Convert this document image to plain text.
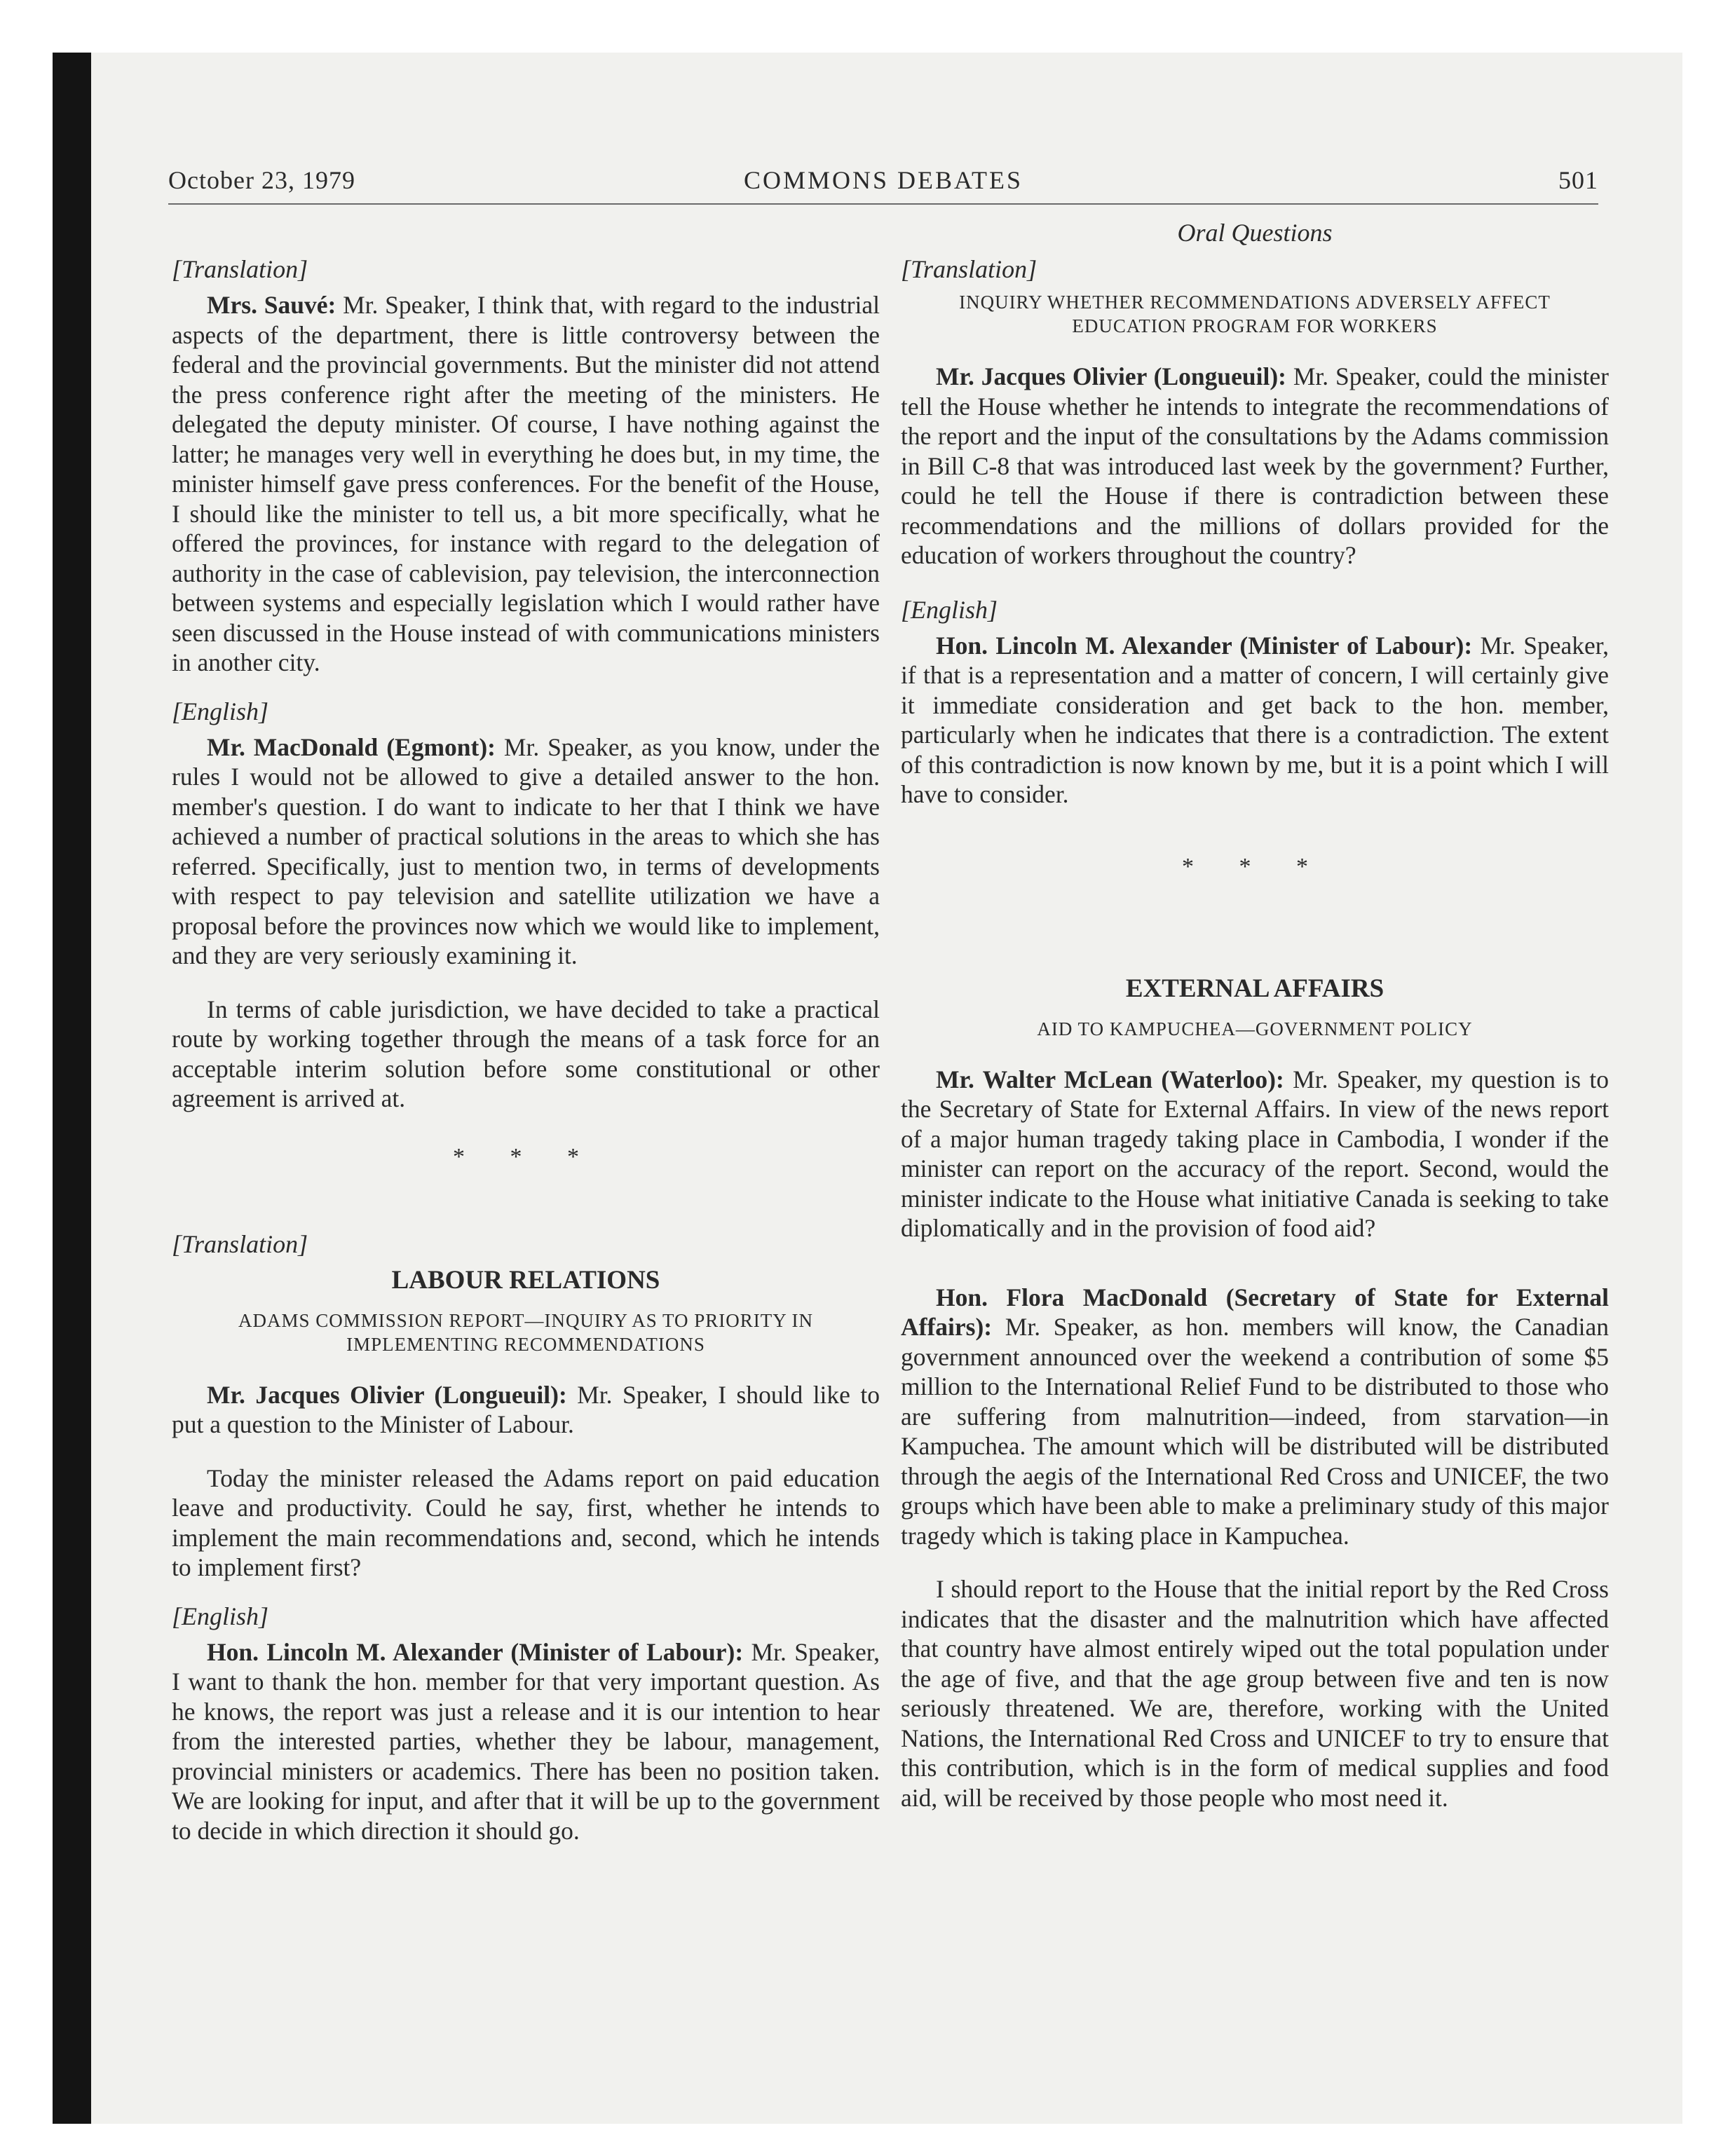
October 23, 1979	COMMONS DEBATES	501
[Translation]

Mrs. Sauvé: Mr. Speaker, I think that, with regard to the industrial aspects of the department, there is little controversy between the federal and the provincial governments. But the minister did not attend the press conference right after the meeting of the ministers. He delegated the deputy minister. Of course, I have nothing against the latter; he manages very well in everything he does but, in my time, the minister himself gave press conferences. For the benefit of the House, I should like the minister to tell us, a bit more specifically, what he offered the provinces, for instance with regard to the delegation of authority in the case of cablevision, pay television, the interconnection between systems and especially legislation which I would rather have seen discussed in the House instead of with communications ministers in another city.

[English]

Mr. MacDonald (Egmont): Mr. Speaker, as you know, under the rules I would not be allowed to give a detailed answer to the hon. member's question. I do want to indicate to her that I think we have achieved a number of practical solutions in the areas to which she has referred. Specifically, just to mention two, in terms of developments with respect to pay television and satellite utilization we have a proposal before the provinces now which we would like to implement, and they are very seriously examining it.

In terms of cable jurisdiction, we have decided to take a practical route by working together through the means of a task force for an acceptable interim solution before some constitutional or other agreement is arrived at.

* * *
[Translation]
LABOUR RELATIONS
ADAMS COMMISSION REPORT—INQUIRY AS TO PRIORITY IN IMPLEMENTING RECOMMENDATIONS

Mr. Jacques Olivier (Longueuil): Mr. Speaker, I should like to put a question to the Minister of Labour.

Today the minister released the Adams report on paid education leave and productivity. Could he say, first, whether he intends to implement the main recommendations and, second, which he intends to implement first?

[English]

Hon. Lincoln M. Alexander (Minister of Labour): Mr. Speaker, I want to thank the hon. member for that very important question. As he knows, the report was just a release and it is our intention to hear from the interested parties, whether they be labour, management, provincial ministers or academics. There has been no position taken. We are looking for input, and after that it will be up to the government to decide in which direction it should go.

Oral Questions
[Translation]
INQUIRY WHETHER RECOMMENDATIONS ADVERSELY AFFECT EDUCATION PROGRAM FOR WORKERS

Mr. Jacques Olivier (Longueuil): Mr. Speaker, could the minister tell the House whether he intends to integrate the recommendations of the report and the input of the consultations by the Adams commission in Bill C-8 that was introduced last week by the government? Further, could he tell the House if there is contradiction between these recommendations and the millions of dollars provided for the education of workers throughout the country?

[English]

Hon. Lincoln M. Alexander (Minister of Labour): Mr. Speaker, if that is a representation and a matter of concern, I will certainly give it immediate consideration and get back to the hon. member, particularly when he indicates that there is a contradiction. The extent of this contradiction is now known by me, but it is a point which I will have to consider.

* * *
EXTERNAL AFFAIRS
AID TO KAMPUCHEA—GOVERNMENT POLICY

Mr. Walter McLean (Waterloo): Mr. Speaker, my question is to the Secretary of State for External Affairs. In view of the news report of a major human tragedy taking place in Cambodia, I wonder if the minister can report on the accuracy of the report. Second, would the minister indicate to the House what initiative Canada is seeking to take diplomatically and in the provision of food aid?

Hon. Flora MacDonald (Secretary of State for External Affairs): Mr. Speaker, as hon. members will know, the Canadian government announced over the weekend a contribution of some $5 million to the International Relief Fund to be distributed to those who are suffering from malnutrition—indeed, from starvation—in Kampuchea. The amount which will be distributed will be distributed through the aegis of the International Red Cross and UNICEF, the two groups which have been able to make a preliminary study of this major tragedy which is taking place in Kampuchea.

I should report to the House that the initial report by the Red Cross indicates that the disaster and the malnutrition which have affected that country have almost entirely wiped out the total population under the age of five, and that the age group between five and ten is now seriously threatened. We are, therefore, working with the United Nations, the International Red Cross and UNICEF to try to ensure that this contribution, which is in the form of medical supplies and food aid, will be received by those people who most need it.
